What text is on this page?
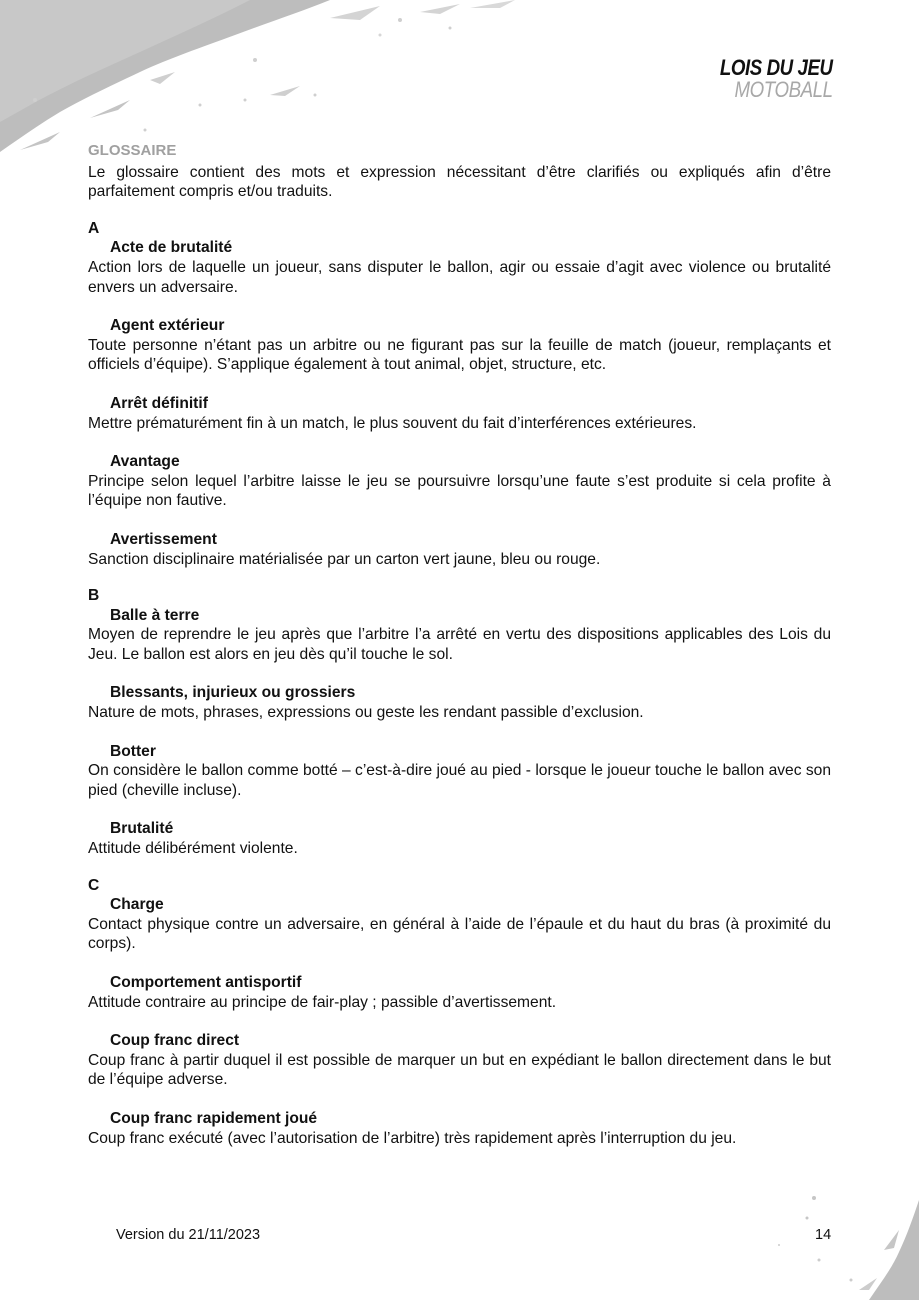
LOIS DU JEU
MOTOBALL

GLOSSAIRE

Le glossaire contient des mots et expression nécessitant d’être clarifiés ou expliqués afin d’être parfaitement compris et/ou traduits.

A

Acte de brutalité

Action lors de laquelle un joueur, sans disputer le ballon, agir ou essaie d’agit avec violence ou brutalité envers un adversaire.

Agent extérieur

Toute personne n’étant pas un arbitre ou ne figurant pas sur la feuille de match (joueur, remplaçants et officiels d’équipe). S’applique également à tout animal, objet, structure, etc.

Arrêt définitif

Mettre prématurément fin à un match, le plus souvent du fait d’interférences extérieures.

Avantage

Principe selon lequel l’arbitre laisse le jeu se poursuivre lorsqu’une faute s’est produite si cela profite à l’équipe non fautive.

Avertissement

Sanction disciplinaire matérialisée par un carton vert jaune, bleu ou rouge.

B

Balle à terre

Moyen de reprendre le jeu après que l’arbitre l’a arrêté en vertu des dispositions applicables des Lois du Jeu. Le ballon est alors en jeu dès qu’il touche le sol.

Blessants, injurieux ou grossiers

Nature de mots, phrases, expressions ou geste les rendant passible d’exclusion.

Botter

On considère le ballon comme botté – c’est-à-dire joué au pied - lorsque le joueur touche le ballon avec son pied (cheville incluse).

Brutalité

Attitude délibérément violente.

C

Charge

Contact physique contre un adversaire, en général à l’aide de l’épaule et du haut du bras (à proximité du corps).

Comportement antisportif

Attitude contraire au principe de fair-play ; passible d’avertissement.

Coup franc direct

Coup franc à partir duquel il est possible de marquer un but en expédiant le ballon directement dans le but de l’équipe adverse.

Coup franc rapidement joué

Coup franc exécuté (avec l’autorisation de l’arbitre) très rapidement après l’interruption du jeu.

Version du 21/11/2023	14
